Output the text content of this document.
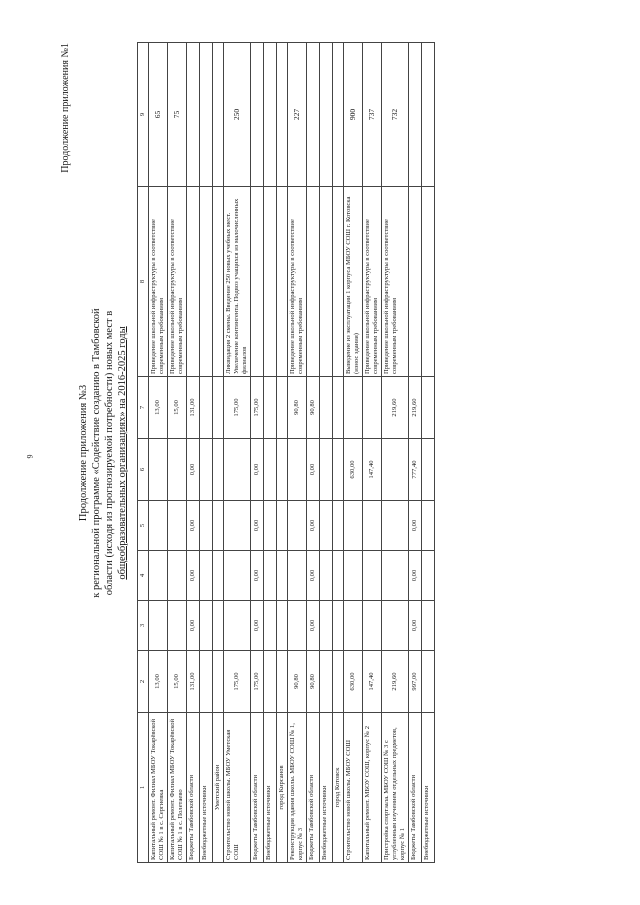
9
Продолжение приложения №1
Продолжение приложения №3 к региональной программе «Содействие созданию в Тамбовской области (исходя из прогнозируемой потребности) новых мест в общеобразовательных организациях» на 2016-2025 годы
1	2	3	4	5	6	7	8	9
Капитальный ремонт. Филиал МБОУ Токарёвской СОШ № 1 в с. Сергиевка	13,00					13,00	Приведение школьной инфраструктуры в соответствие современным требованиям	65
Капитальный ремонт. Филиал МБОУ Токарёвской СОШ № 1 в с. Полетаево	15,00					15,00	Приведение школьной инфраструктуры в соответствие современным требованиям	75
Бюджеты Тамбовской области	131,00	0,00	0,00	0,00	0,00	131,00		
Внебюджетные источники								
Уметский район								
Строительство новой школы. МБОУ Уметская СОШ	175,00					175,00	Ликвидация 2 смены. Введение 250 новых учебных мест. Увеличение контингента. Подвоз учащихся из малочисленных филиалов	250
Бюджеты Тамбовской области	175,00	0,00	0,00	0,00	0,00	175,00		
Внебюджетные источники								
город Кирсанов								
Реконструкция здания школы. МБОУ СОШ № 1, корпус № 3	90,80					90,80	Приведение школьной инфраструктуры в соответствие современным требованиям	227
Бюджеты Тамбовской области	90,80	0,00	0,00	0,00	0,00	90,80		
Внебюджетные источники								
город Котовск								
Строительство новой школы. МБОУ СОШ	630,00				630,00		Выведение из эксплуатации 1 корпуса МБОУ СОШ г. Котовска (износ здания)	900
Капитальный ремонт. МБОУ СОШ, корпус № 2	147,40				147,40		Приведение школьной инфраструктуры в соответствие современным требованиям	737
Пристройка спортзала. МБОУ СОШ № 3 с углубленным изучением отдельных предметов, корпус № 1	219,60					219,60	Приведение школьной инфраструктуры в соответствие современным требованиям	732
Бюджеты Тамбовской области	997,00	0,00	0,00	0,00	777,40	219,60		
Внебюджетные источники								
